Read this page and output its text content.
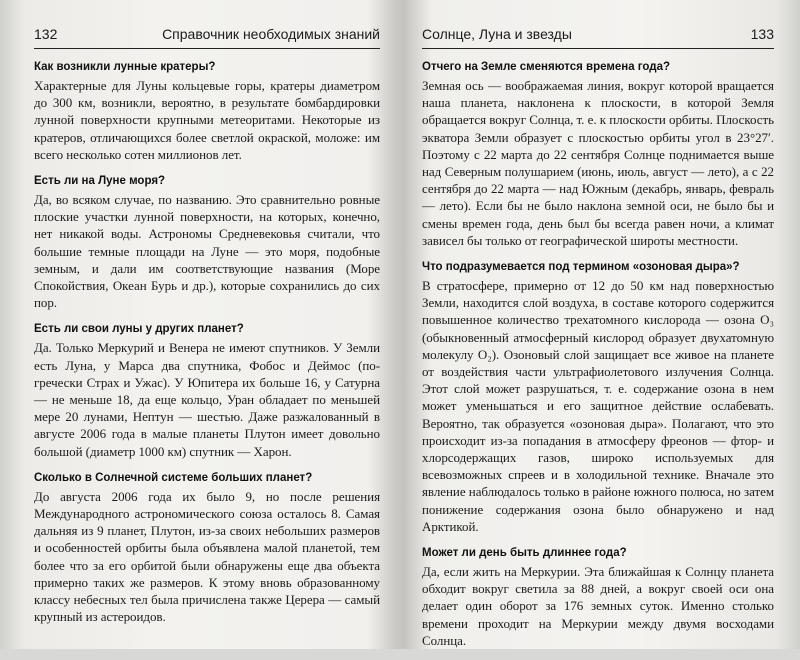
132	Справочник необходимых знаний
Как возникли лунные кратеры?
Характерные для Луны кольцевые горы, кратеры диаметром до 300 км, возникли, вероятно, в результате бомбардировки лунной поверхности крупными метеоритами. Некоторые из кратеров, отличающихся более светлой окраской, моложе: им всего несколько сотен миллионов лет.
Есть ли на Луне моря?
Да, во всяком случае, по названию. Это сравнительно ровные плоские участки лунной поверхности, на которых, конечно, нет никакой воды. Астрономы Средневековья считали, что большие темные площади на Луне — это моря, подобные земным, и дали им соответствующие названия (Море Спокойствия, Океан Бурь и др.), которые сохранились до сих пор.
Есть ли свои луны у других планет?
Да. Только Меркурий и Венера не имеют спутников. У Земли есть Луна, у Марса два спутника, Фобос и Деймос (по-гречески Страх и Ужас). У Юпитера их больше 16, у Сатурна — не меньше 18, да еще кольцо, Уран обладает по меньшей мере 20 лунами, Нептун — шестью. Даже разжалованный в августе 2006 года в малые планеты Плутон имеет довольно большой (диаметр 1000 км) спутник — Харон.
Сколько в Солнечной системе больших планет?
До августа 2006 года их было 9, но после решения Международного астрономического союза осталось 8. Самая дальняя из 9 планет, Плутон, из-за своих небольших размеров и особенностей орбиты была объявлена малой планетой, тем более что за его орбитой были обнаружены еще два объекта примерно таких же размеров. К этому вновь образованному классу небесных тел была причислена также Церера — самый крупный из астероидов.
Солнце, Луна и звезды	133
Отчего на Земле сменяются времена года?
Земная ось — воображаемая линия, вокруг которой вращается наша планета, наклонена к плоскости, в которой Земля обращается вокруг Солнца, т. е. к плоскости орбиты. Плоскость экватора Земли образует с плоскостью орбиты угол в 23°27′. Поэтому с 22 марта до 22 сентября Солнце поднимается выше над Северным полушарием (июнь, июль, август — лето), а с 22 сентября до 22 марта — над Южным (декабрь, январь, февраль — лето). Если бы не было наклона земной оси, не было бы и смены времен года, день был бы всегда равен ночи, а климат зависел бы только от географической широты местности.
Что подразумевается под термином «озоновая дыра»?
В стратосфере, примерно от 12 до 50 км над поверхностью Земли, находится слой воздуха, в составе которого содержится повышенное количество трехатомного кислорода — озона O₃ (обыкновенный атмосферный кислород образует двухатомную молекулу O₂). Озоновый слой защищает все живое на планете от воздействия части ультрафиолетового излучения Солнца. Этот слой может разрушаться, т. е. содержание озона в нем может уменьшаться и его защитное действие ослабевать. Вероятно, так образуется «озоновая дыра». Полагают, что это происходит из-за попадания в атмосферу фреонов — фтор- и хлорсодержащих газов, широко используемых для всевозможных спреев и в холодильной технике. Вначале это явление наблюдалось только в районе южного полюса, но затем понижение содержания озона было обнаружено и над Арктикой.
Может ли день быть длиннее года?
Да, если жить на Меркурии. Эта ближайшая к Солнцу планета обходит вокруг светила за 88 дней, а вокруг своей оси она делает один оборот за 176 земных суток. Именно столько времени проходит на Меркурии между двумя восходами Солнца.
